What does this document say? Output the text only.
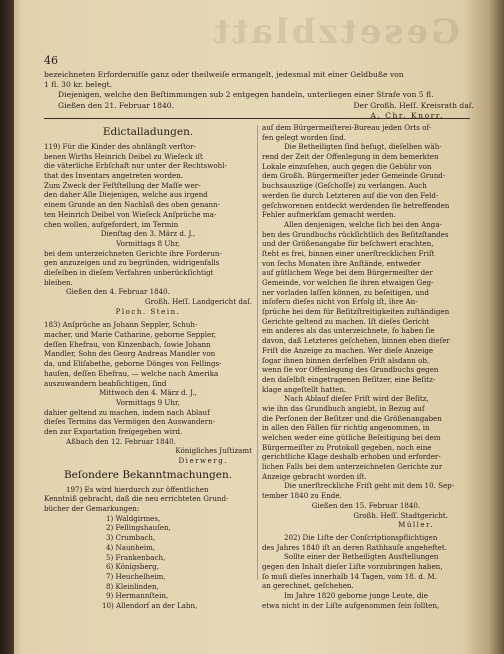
Gesetzblatt
46
bezeichneten Erforderniſſe ganz oder theilweiſe ermangelt, jedesmal mit einer Geldbuße von
1 fl. 30 kr. belegt.
Diejenigen, welche den Beſtimmungen sub 2 entgegen handeln, unterliegen einer Strafe von 5 fl.
Gießen den 21. Februar 1840.	Der Großh. Heſſ. Kreisrath daſ.
A. Chr. Knorr.
Edictalladungen.
119) Für die Kinder des ohnlängſt verſtor-
benen Wirths Heinrich Deibel zu Wieſeck iſt
die väterliche Erbſchaft nur unter der Rechtswohl-
that des Inventars angetreten worden.
Zum Zweck der Feſtſtellung der Maſſe wer-
den daher Alle Diejenigen, welche aus irgend
einem Grunde an den Nachlaß des oben genann-
ten Heinrich Deibel von Wieſeck Anſprüche ma-
chen wollen, aufgefordert, im Termin
Dienſtag den 3. März d. J.,
Vormittags 8 Uhr,
bei dem unterzeichneten Gerichte ihre Forderun-
gen anzuzeigen und zu begründen, widrigenfalls
dieſelben in dieſem Verfahren unberückſichtigt
bleiben.
Gießen den 4. Februar 1840.
Großh. Heſſ. Landgericht daſ.
Ploch. Stein.
183) Anſprüche an Johann Seppler, Schuh-
macher, und Marie Catharine, geborne Seppler,
deſſen Ehefrau, von Kinzenbach, ſowie Johann
Mandler, Sohn des Georg Andreas Mandler von
da, und Eliſabethe, geborne Dönges von Fellings-
hauſen, deſſen Ehefrau, — welche nach Amerika
auszuwandern beabſichtigen, ſind
Mittwoch den 4. März d. J.,
Vormittags 9 Uhr,
dahier geltend zu machen, indem nach Ablauf
dieſes Termins das Vermögen den Auswandern-
den zur Exportation freigegeben wird.
Aßbach den 12. Februar 1840.
Königliches Juſtizamt
Dierwerg.
Beſondere Bekanntmachungen.
197) Es wird hierdurch zur öffentlichen
Kenntniß gebracht, daß die neu errichteten Grund-
bücher der Gemarkungen:
1) Waldgirmes,
2) Fellingshauſen,
3) Crumbach,
4) Naunheim,
5) Frankenbach,
6) Königsberg,
7) Heuchelheim,
8) Kleinlinden,
9) Hermannſtein,
10) Allendorf an der Lahn,
auf dem Bürgermeiſterei-Bureau jeden Orts of-
fen gelegt worden ſind.
Die Betheiligten ſind befugt, dieſelben wäh-
rend der Zeit der Offenlegung in dem bemerkten
Lokale einzuſehen, auch gegen die Gebühr von
dem Großh. Bürgermeiſter jeder Gemeinde Grund-
buchsauszüge (Geſchoſſe) zu verlangen. Auch
werden ſie durch Letzteren auf die von den Feld-
geſchworenen entdeckt werdenden ſie betreffenden
Fehler aufmerkſam gemacht werden.
Allen denjenigen, welche ſich bei den Anga-
ben des Grundbuchs rückſichtlich des Beſitzſtandes
und der Größenangabe für beſchwert erachten,
ſteht es frei, binnen einer unerſtrecklichen Friſt
von ſechs Monaten ihre Anſtände, entweder
auf gütlichem Wege bei dem Bürgermeiſter der
Gemeinde, vor welchen ſie ihren etwaigen Geg-
ner vorladen laſſen können, zu beſeitigen, und
inſofern dieſes nicht von Erfolg iſt, ihre An-
ſprüche bei dem für Beſitzſtreitigkeiten zuſtändigen
Gerichte geltend zu machen. Iſt dieſes Gericht
ein anderes als das unterzeichnete, ſo haben ſie
davon, daß Letzteres geſchehen, binnen eben dieſer
Friſt die Anzeige zu machen. Wer dieſe Anzeige
ſogar ihnen binnen derſelben Friſt alsdann ob,
wenn ſie vor Offenlegung des Grundbuchs gegen
den daſelbſt eingetragenen Beſitzer, eine Beſitz-
klage angeſtellt hatten.
Nach Ablauf dieſer Friſt wird der Beſitz,
wie ihn das Grundbuch angiebt, in Bezug auf
die Perſonen der Beſitzer und die Größenangaben
in allen den Fällen für richtig angenommen, in
welchen weder eine gütliche Beſeitigung bei dem
Bürgermeiſter zu Protokoll gegeben, noch eine
gerichtliche Klage deshalb erhoben und erforder-
lichen Falls bei dem unterzeichneten Gerichte zur
Anzeige gebracht worden iſt.
Die unerſtreckliche Friſt geht mit dem 10. Sep-
tember 1840 zu Ende.
Gießen den 15. Februar 1840.
Großh. Heſſ. Stadtgericht.
Müller.
202) Die Liſte der Conſcriptionspflichtigen
des Jahres 1840 iſt an deren Rathhauſe angeheftet.
Sollte einer der Betheiligten Ausſtellungen
gegen den Inhalt dieſer Liſte vorzubringen haben,
ſo muß dieſes innerhalb 14 Tagen, vom 18. d. M.
an gerechnet, geſchehen.
Im Jahre 1820 geborne junge Leute, die
etwa nicht in der Liſte aufgenommen ſein ſollten,
